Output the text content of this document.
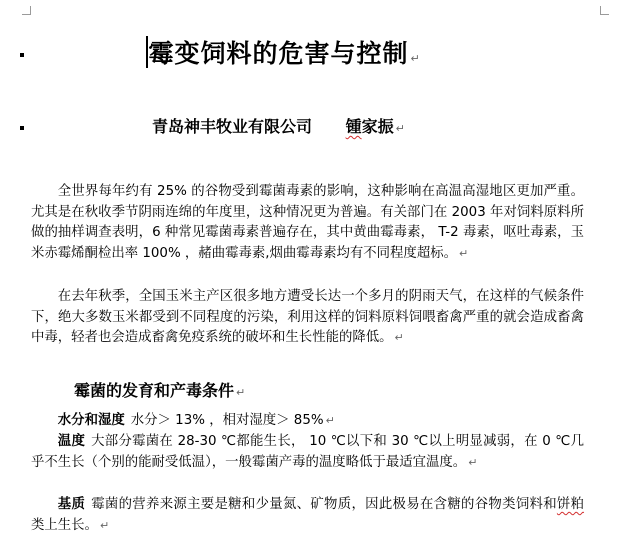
霉变饲料的危害与控制 ↵
青岛神丰牧业有限公司 锺家振 ↵

全世界每年约有 25% 的谷物受到霉菌毒素的影响，这种影响在高温高湿地区更加严重。尤其是在秋收季节阴雨连绵的年度里，这种情况更为普遍。有关部门在 2003 年对饲料原料所做的抽样调查表明，6 种常见霉菌毒素普遍存在，其中黄曲霉毒素， T-2 毒素，呕吐毒素，玉米赤霉烯酮检出率 100% ，赭曲霉毒素,烟曲霉毒素均有不同程度超标。 ↵

在去年秋季，全国玉米主产区很多地方遭受长达一个多月的阴雨天气，在这样的气候条件下，绝大多数玉米都受到不同程度的污染，利用这样的饲料原料饲喂畜禽严重的就会造成畜禽中毒，轻者也会造成畜禽免疫系统的破坏和生长性能的降低。 ↵

霉菌的发育和产毒条件 ↵

水分和湿度 水分＞ 13% ，相对湿度＞ 85% ↵

温度 大部分霉菌在 28-30 ℃都能生长， 10 ℃以下和 30 ℃以上明显减弱，在 0 ℃几乎不生长（个别的能耐受低温），一般霉菌产毒的温度略低于最适宜温度。 ↵

基质 霉菌的营养来源主要是糖和少量氮、矿物质，因此极易在含糖的谷物类饲料和饼粕类上生长。 ↵
